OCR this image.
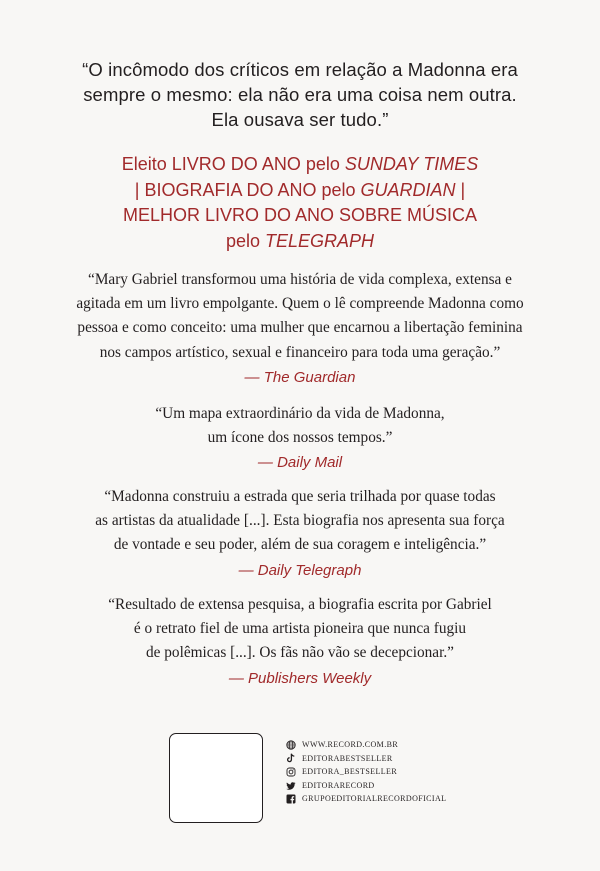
“O incômodo dos críticos em relação a Madonna era
sempre o mesmo: ela não era uma coisa nem outra.
Ela ousava ser tudo.”
Eleito LIVRO DO ANO pelo SUNDAY TIMES
| BIOGRAFIA DO ANO pelo GUARDIAN |
MELHOR LIVRO DO ANO SOBRE MÚSICA
pelo TELEGRAPH
“Mary Gabriel transformou uma história de vida complexa, extensa e
agitada em um livro empolgante. Quem o lê compreende Madonna como
pessoa e como conceito: uma mulher que encarnou a libertação feminina
nos campos artístico, sexual e financeiro para toda uma geração.”
— The Guardian
“Um mapa extraordinário da vida de Madonna,
um ícone dos nossos tempos.”
— Daily Mail
“Madonna construiu a estrada que seria trilhada por quase todas
as artistas da atualidade [...]. Esta biografia nos apresenta sua força
de vontade e seu poder, além de sua coragem e inteligência.”
— Daily Telegraph
“Resultado de extensa pesquisa, a biografia escrita por Gabriel
é o retrato fiel de uma artista pioneira que nunca fugiu
de polêmicas [...]. Os fãs não vão se decepcionar.”
— Publishers Weekly
WWW.RECORD.COM.BR
EDITORABESTSELLER
EDITORA_BESTSELLER
EDITORARECORD
GRUPOEDITORIALRECORDOFICIAL
